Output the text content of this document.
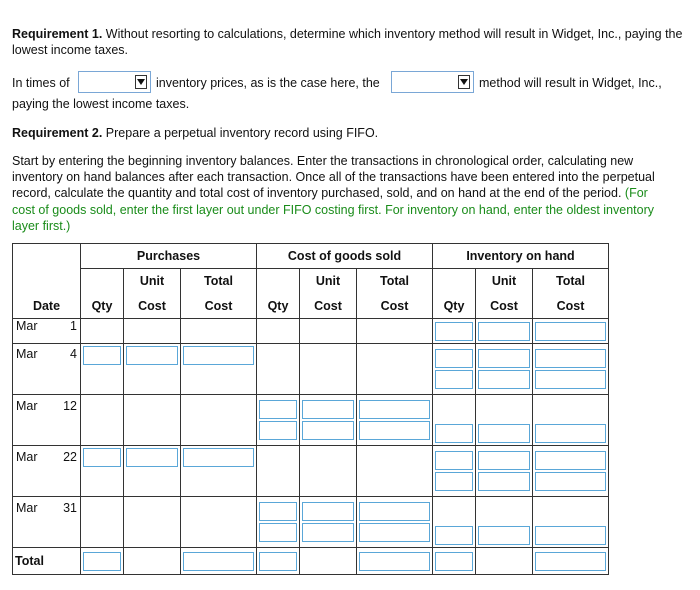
Requirement 1. Without resorting to calculations, determine which inventory method will result in Widget, Inc., paying the lowest income taxes.
In times of	inventory prices, as is the case here, the	method will result in Widget, Inc.,
paying the lowest income taxes.
Requirement 2. Prepare a perpetual inventory record using FIFO.
Start by entering the beginning inventory balances. Enter the transactions in chronological order, calculating new inventory on hand balances after each transaction. Once all of the transactions have been entered into the perpetual record, calculate the quantity and total cost of inventory purchased, sold, and on hand at the end of the period. (For cost of goods sold, enter the first layer out under FIFO costing first. For inventory on hand, enter the oldest inventory layer first.)
	Purchases			Cost of goods sold			Inventory on hand		
		Unit	Total		Unit	Total		Unit	Total
Date	Qty	Cost	Cost	Qty	Cost	Cost	Qty	Cost	Cost

Mar 1									

Mar 4									

Mar 12									

Mar 22									

Mar 31									

Total	
